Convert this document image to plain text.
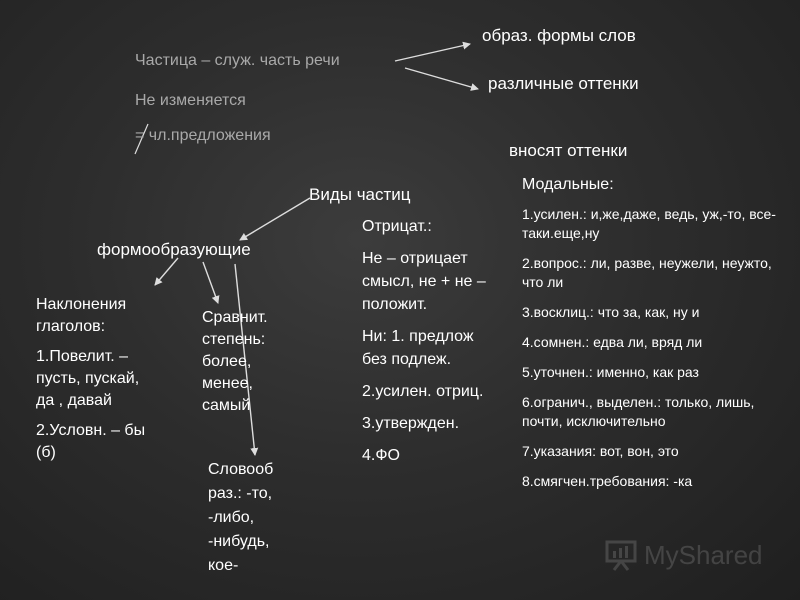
Частица – служ. часть речи

Не изменяется

= чл.предложения

образ. формы слов

различные оттенки

вносят оттенки

Виды частиц

формообразующие

Наклонения глаголов:

1.Повелит. – пусть, пускай, да , давай

2.Условн. – бы (б)

Сравнит. степень: более, менее, самый

Словооб раз.: -то, -либо, -нибудь, кое-

Отрицат.:

Не – отрицает смысл, не + не – положит.

Ни: 1. предлож без подлеж.

2.усилен. отриц.

3.утвержден.

4.ФО

Модальные:

1.усилен.: и,же,даже, ведь, уж,-то, все-таки.еще,ну

2.вопрос.: ли, разве, неужели, неужто, что ли

3.восклиц.: что за, как, ну и

4.сомнен.: едва ли, вряд ли

5.уточнен.: именно, как раз

6.огранич., выделен.: только, лишь, почти, исключительно

7.указания: вот, вон, это

8.смягчен.требования: -ка

MyShared
